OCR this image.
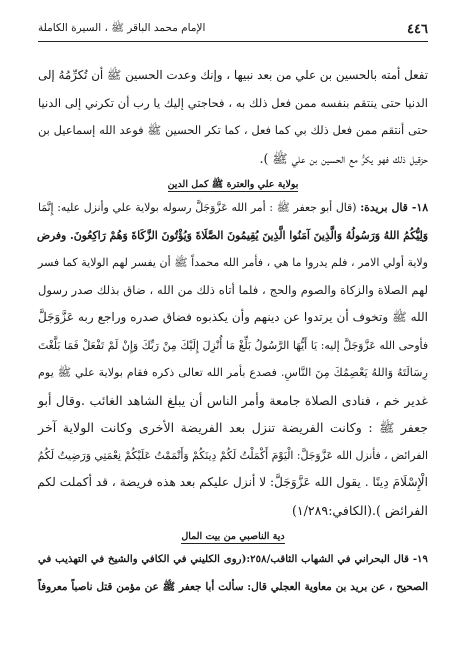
٤٤٦
الإمام محمد الباقر ﷺ ، السيرة الكاملة

تفعل أمته بالحسين بن علي من بعد نبيها ، وإنك وعدت الحسين ﷺ أن تُكرِّمُهُ إلى

الدنيا حتى ينتقم بنفسه ممن فعل ذلك به ، فحاجتي إليك يا رب أن تكرني إلى الدنيا

حتى أنتقم ممن فعل ذلك بي كما فعل ، كما تكر الحسين ﷺ فوعد الله إسماعيل بن

حزقيل ذلك فهو يكرُّ مع الحسين بن علي ﷺ ).

بولاية علي والعترة ﷺ كمل الدين

١٨- قال بريدة: (قال أبو جعفر ﷺ : أمر الله عَزَّوَجَلَّ رسوله بولاية علي وأنزل عليه: إِنَّمَا

وَلِيُّكُمُ اللهُ وَرَسُولُهُ وَالَّذِينَ آمَنُوا الَّذِينَ يُقِيمُونَ الصَّلَاةَ وَيُؤْتُونَ الزَّكَاةَ وَهُمْ رَاكِعُونَ. وفرض

ولاية أولي الامر ، فلم يدروا ما هي ، فأمر الله محمداً ﷺ أن يفسر لهم الولاية كما فسر

لهم الصلاة والزكاة والصوم والحج ، فلما أتاه ذلك من الله ، ضاق بذلك صدر رسول

الله ﷺ وتخوف أن يرتدوا عن دينهم وأن يكذبوه فضاق صدره وراجع ربه عَزَّوَجَلَّ

فأوحى الله عَزَّوَجَلَّ إليه: يَا أَيُّهَا الرَّسُولُ بَلِّغْ مَا أُنْزِلَ إِلَيْكَ مِنْ رَبِّكَ وَإِنْ لَمْ تَفْعَلْ فَمَا بَلَّغْتَ

رِسَالَتَهُ وَاللهُ يَعْصِمُكَ مِنَ النَّاسِ. فصدع بأمر الله تعالى ذكره فقام بولاية علي ﷺ يوم

غدير خم ، فنادى الصلاة جامعة وأمر الناس أن يبلغ الشاهد الغائب .وقال أبو

جعفر ﷺ : وكانت الفريضة تنزل بعد الفريضة الأخرى وكانت الولاية آخر

الفرائض ، فأنزل الله عَزَّوَجَلَّ: الْيَوْمَ أَكْمَلْتُ لَكُمْ دِينَكُمْ وَأَتْمَمْتُ عَلَيْكُمْ نِعْمَتِي وَرَضِيتُ لَكُمُ

الْإِسْلَامَ دِينًا . يقول الله عَزَّوَجَلَّ: لا أنزل عليكم بعد هذه فريضة ، قد أكملت لكم

الفرائض ).(الكافي:١/٢٨٩)

دية الناصبي من بيت المال

١٩- قال البحراني في الشهاب الثاقب/٢٥٨:(روى الكليني في الكافي والشيخ في التهذيب في

الصحيح ، عن بريد بن معاوية العجلي قال: سألت أبا جعفر ﷺ عن مؤمن قتل ناصباً معروفاً
